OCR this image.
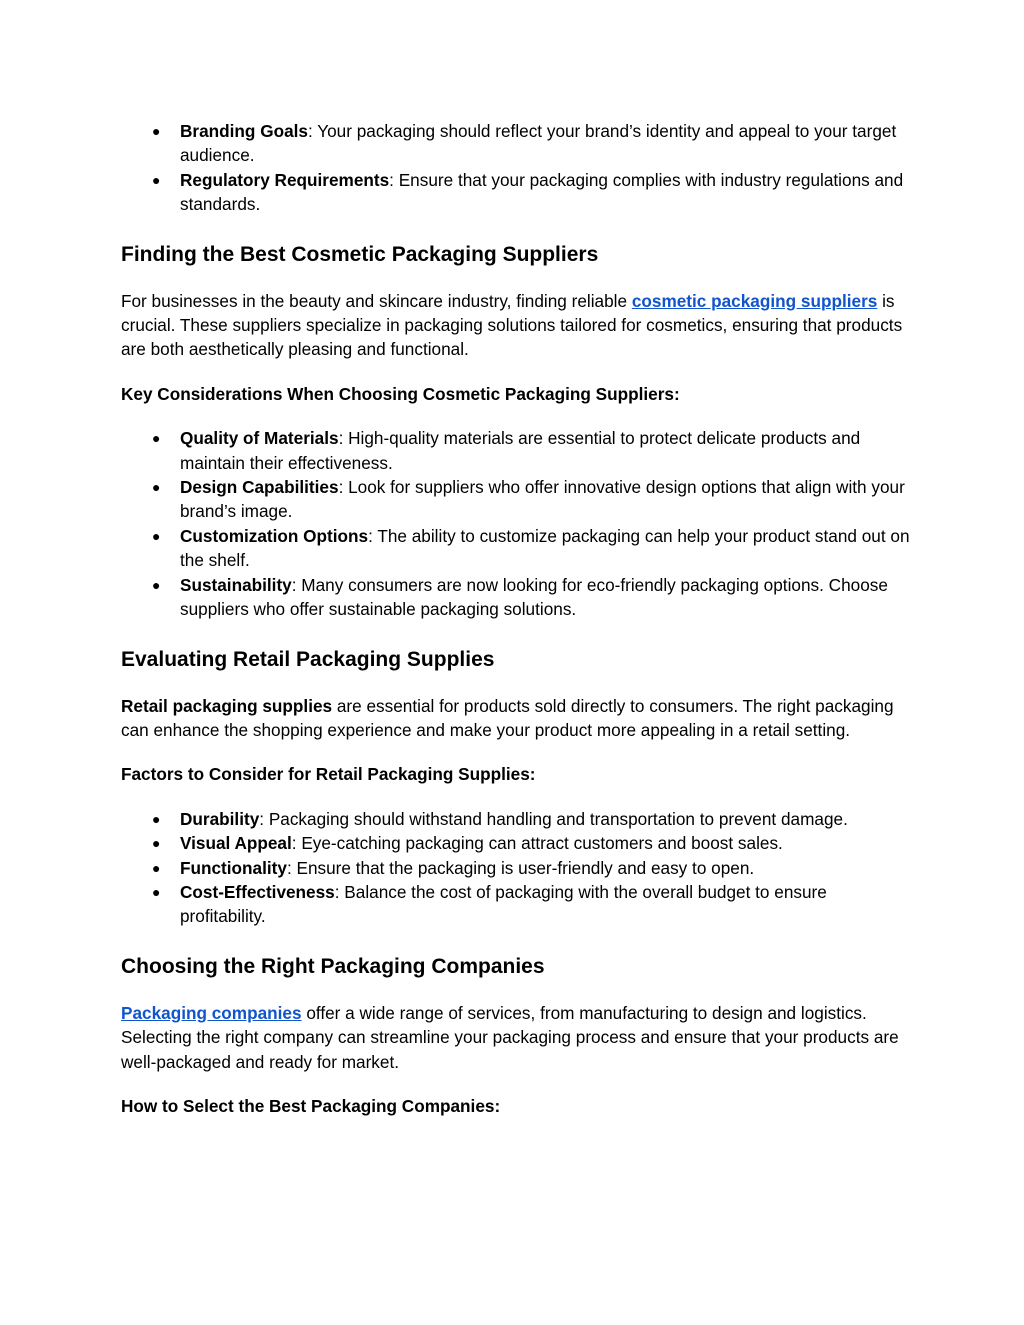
● Branding Goals: Your packaging should reflect your brand’s identity and appeal to your target audience.
● Regulatory Requirements: Ensure that your packaging complies with industry regulations and standards.
Finding the Best Cosmetic Packaging Suppliers

For businesses in the beauty and skincare industry, finding reliable cosmetic packaging suppliers is crucial. These suppliers specialize in packaging solutions tailored for cosmetics, ensuring that products are both aesthetically pleasing and functional.

Key Considerations When Choosing Cosmetic Packaging Suppliers:
● Quality of Materials: High-quality materials are essential to protect delicate products and maintain their effectiveness.
● Design Capabilities: Look for suppliers who offer innovative design options that align with your brand’s image.
● Customization Options: The ability to customize packaging can help your product stand out on the shelf.
● Sustainability: Many consumers are now looking for eco-friendly packaging options. Choose suppliers who offer sustainable packaging solutions.
Evaluating Retail Packaging Supplies

Retail packaging supplies are essential for products sold directly to consumers. The right packaging can enhance the shopping experience and make your product more appealing in a retail setting.

Factors to Consider for Retail Packaging Supplies:
● Durability: Packaging should withstand handling and transportation to prevent damage.
● Visual Appeal: Eye-catching packaging can attract customers and boost sales.
● Functionality: Ensure that the packaging is user-friendly and easy to open.
● Cost-Effectiveness: Balance the cost of packaging with the overall budget to ensure profitability.
Choosing the Right Packaging Companies

Packaging companies offer a wide range of services, from manufacturing to design and logistics. Selecting the right company can streamline your packaging process and ensure that your products are well-packaged and ready for market.

How to Select the Best Packaging Companies:
